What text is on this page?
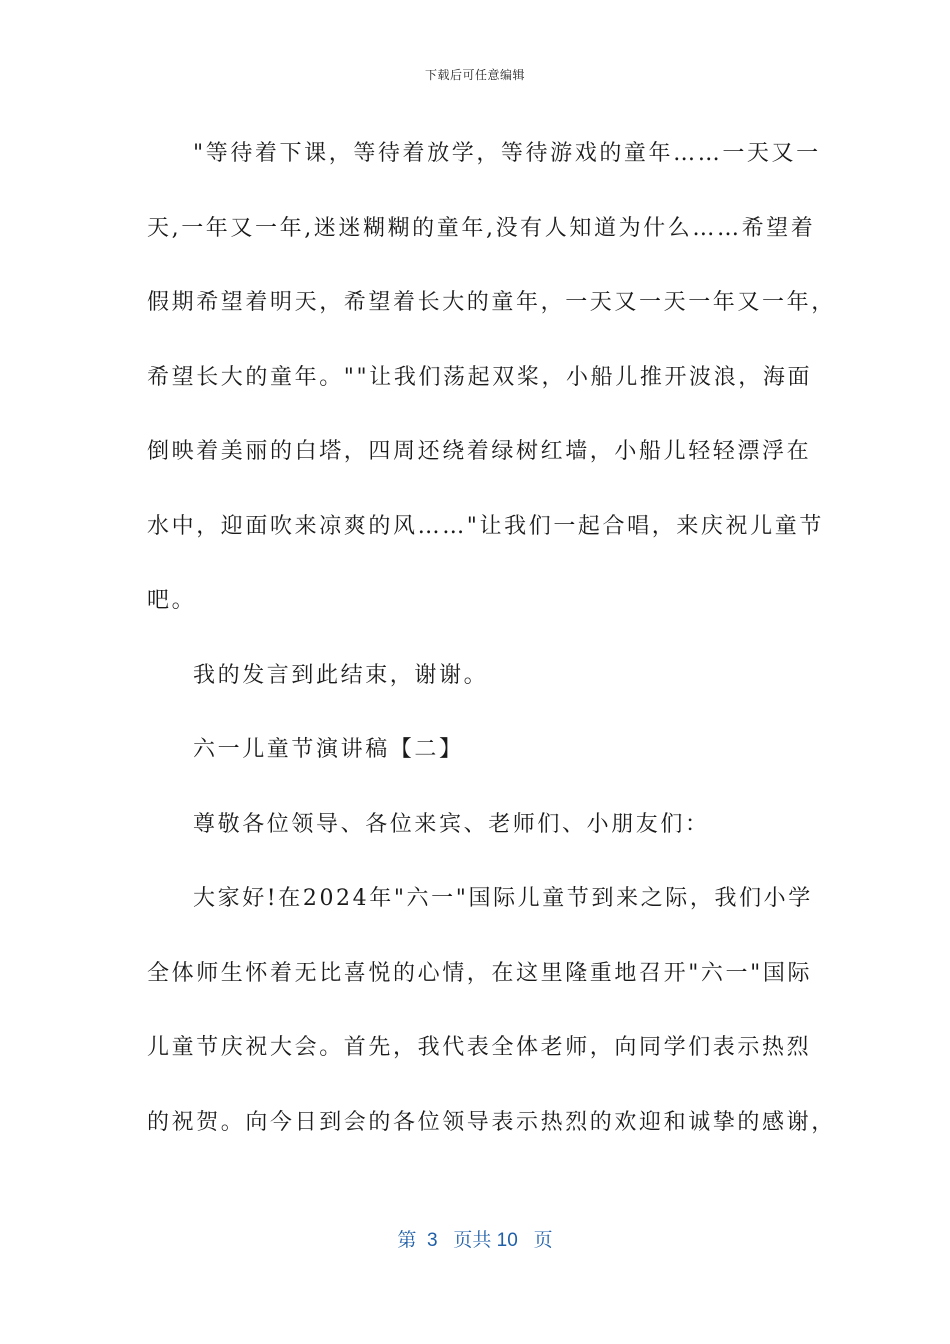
下载后可任意编辑
"等待着下课，等待着放学，等待游戏的童年……一天又一
天,一年又一年,迷迷糊糊的童年,没有人知道为什么……希望着
假期希望着明天，希望着长大的童年，一天又一天一年又一年，
希望长大的童年。""让我们荡起双桨，小船儿推开波浪，海面
倒映着美丽的白塔，四周还绕着绿树红墙，小船儿轻轻漂浮在
水中，迎面吹来凉爽的风……"让我们一起合唱，来庆祝儿童节
吧。
我的发言到此结束，谢谢。
六一儿童节演讲稿【二】
尊敬各位领导、各位来宾、老师们、小朋友们：
大家好!在2024年"六一"国际儿童节到来之际，我们小学
全体师生怀着无比喜悦的心情，在这里隆重地召开"六一"国际
儿童节庆祝大会。首先，我代表全体老师，向同学们表示热烈
的祝贺。向今日到会的各位领导表示热烈的欢迎和诚挚的感谢，
第  3   页共 10   页
